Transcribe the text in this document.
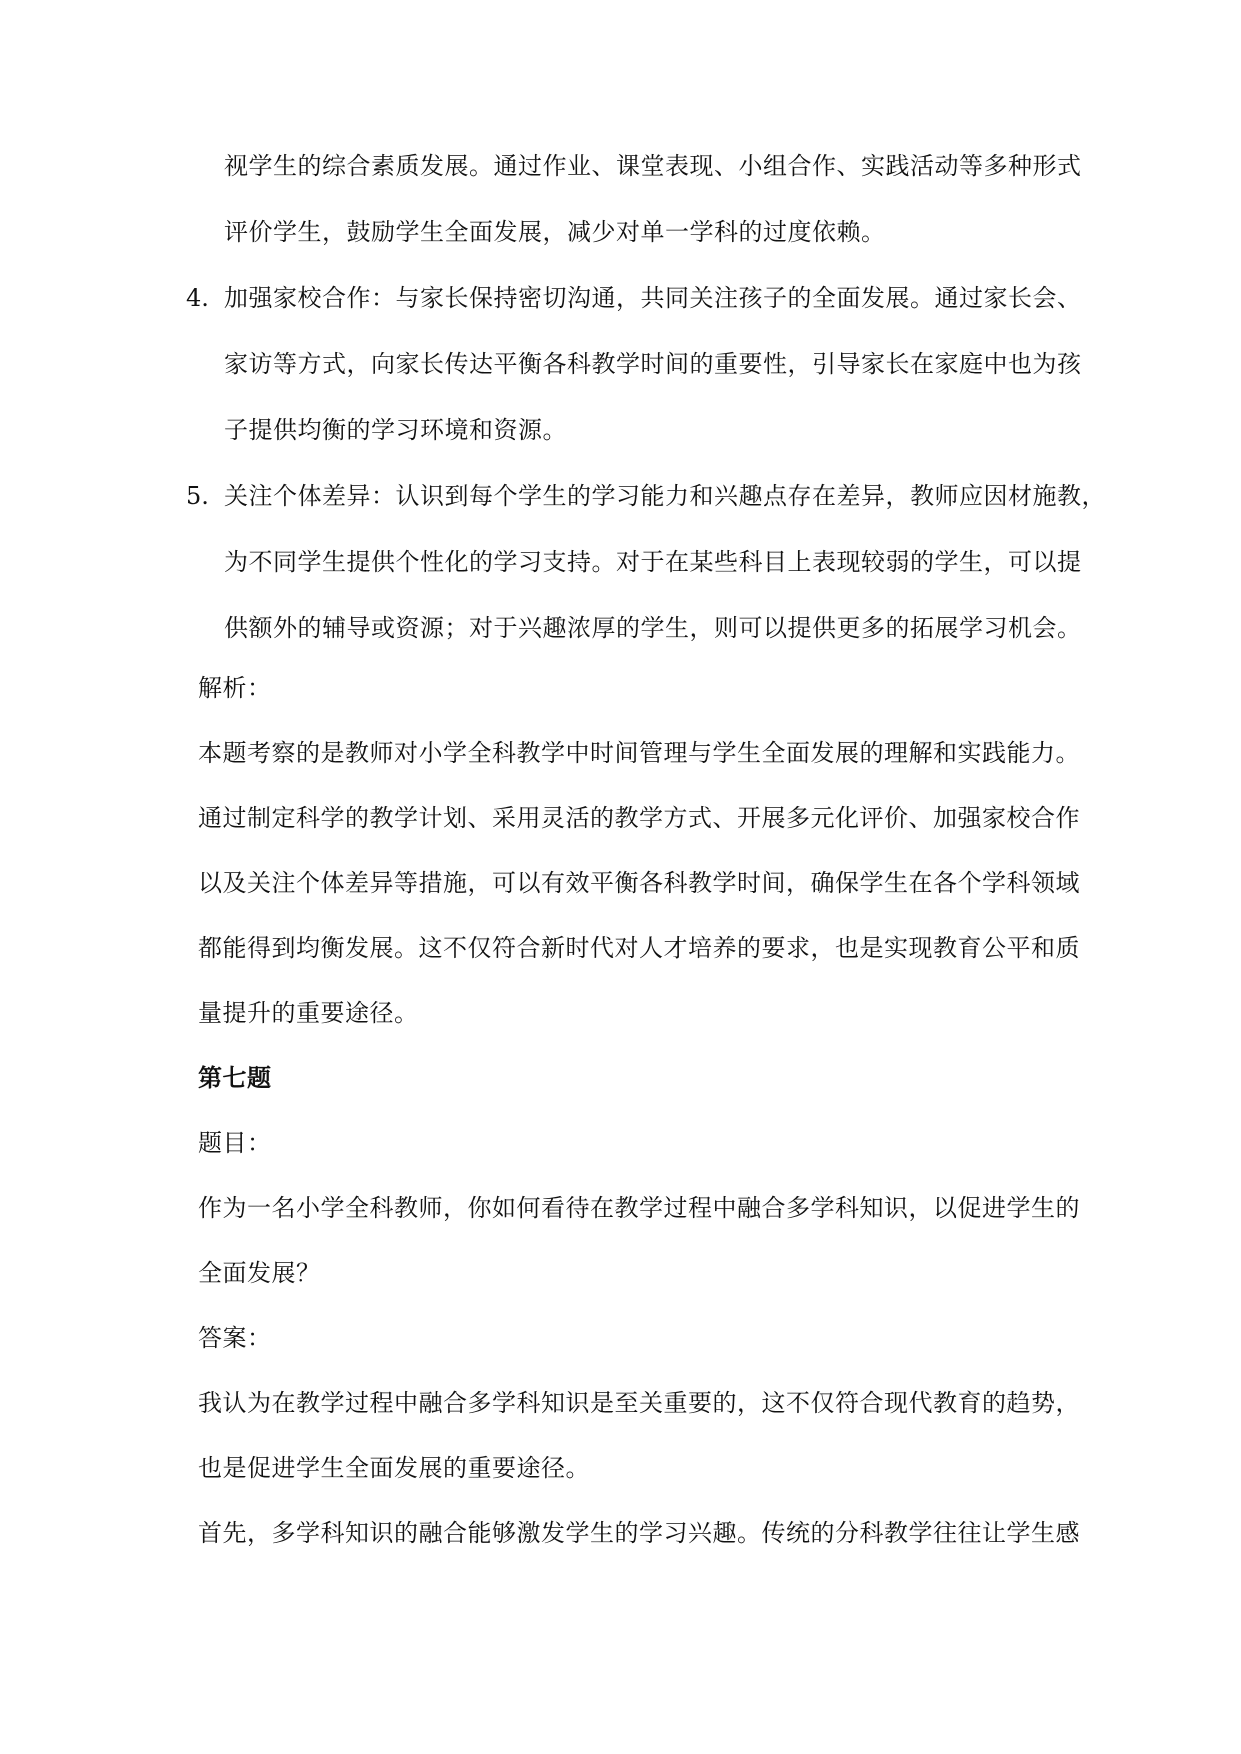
视学生的综合素质发展。通过作业、课堂表现、小组合作、实践活动等多种形式
评价学生，鼓励学生全面发展，减少对单一学科的过度依赖。
4. 加强家校合作：与家长保持密切沟通，共同关注孩子的全面发展。通过家长会、
家访等方式，向家长传达平衡各科教学时间的重要性，引导家长在家庭中也为孩
子提供均衡的学习环境和资源。
5. 关注个体差异：认识到每个学生的学习能力和兴趣点存在差异，教师应因材施教，
为不同学生提供个性化的学习支持。对于在某些科目上表现较弱的学生，可以提
供额外的辅导或资源；对于兴趣浓厚的学生，则可以提供更多的拓展学习机会。
解析：
本题考察的是教师对小学全科教学中时间管理与学生全面发展的理解和实践能力。
通过制定科学的教学计划、采用灵活的教学方式、开展多元化评价、加强家校合作
以及关注个体差异等措施，可以有效平衡各科教学时间，确保学生在各个学科领域
都能得到均衡发展。这不仅符合新时代对人才培养的要求，也是实现教育公平和质
量提升的重要途径。
第七题
题目：
作为一名小学全科教师，你如何看待在教学过程中融合多学科知识，以促进学生的
全面发展？
答案：
我认为在教学过程中融合多学科知识是至关重要的，这不仅符合现代教育的趋势，
也是促进学生全面发展的重要途径。
首先，多学科知识的融合能够激发学生的学习兴趣。传统的分科教学往往让学生感
